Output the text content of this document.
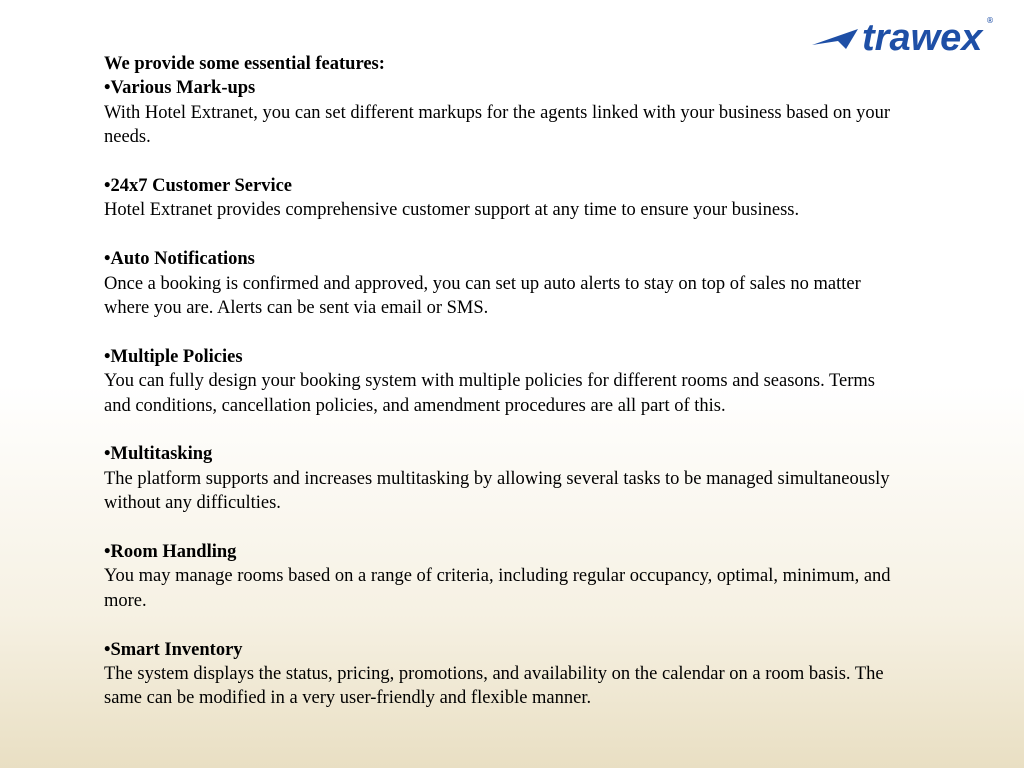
trawex ®

We provide some essential features:

•Various Mark-ups

With Hotel Extranet, you can set different markups for the agents linked with your business based on your needs.

•24x7 Customer Service

Hotel Extranet provides comprehensive customer support at any time to ensure your business.

•Auto Notifications

Once a booking is confirmed and approved, you can set up auto alerts to stay on top of sales no matter where you are. Alerts can be sent via email or SMS.

•Multiple Policies

You can fully design your booking system with multiple policies for different rooms and seasons. Terms and conditions, cancellation policies, and amendment procedures are all part of this.

•Multitasking

The platform supports and increases multitasking by allowing several tasks to be managed simultaneously without any difficulties.

•Room Handling

You may manage rooms based on a range of criteria, including regular occupancy, optimal, minimum, and more.

•Smart Inventory

The system displays the status, pricing, promotions, and availability on the calendar on a room basis. The same can be modified in a very user-friendly and flexible manner.
